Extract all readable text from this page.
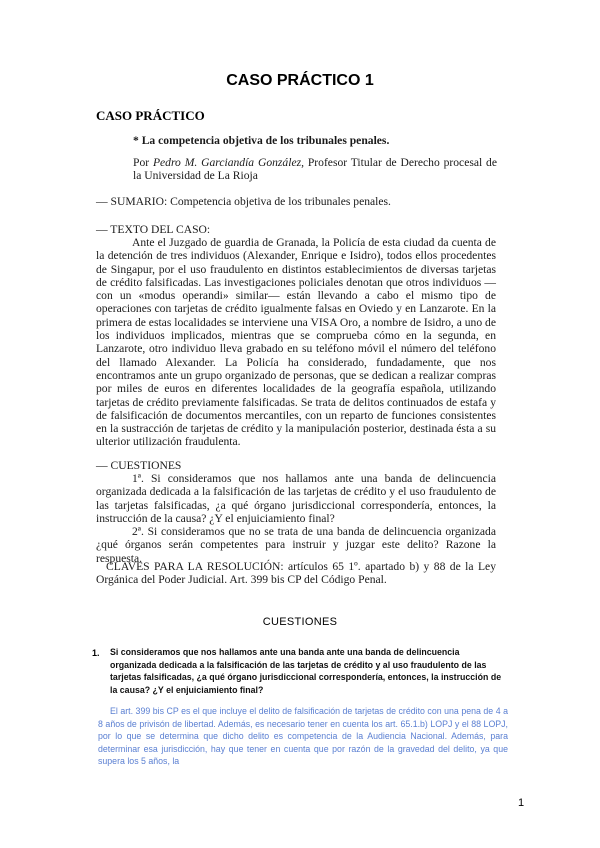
CASO PRÁCTICO 1
CASO PRÁCTICO
* La competencia objetiva de los tribunales penales.
Por Pedro M. Garciandía González, Profesor Titular de Derecho procesal de la Universidad de La Rioja
— SUMARIO: Competencia objetiva de los tribunales penales.
— TEXTO DEL CASO:

Ante el Juzgado de guardia de Granada, la Policía de esta ciudad da cuenta de la detención de tres individuos (Alexander, Enrique e Isidro), todos ellos procedentes de Singapur, por el uso fraudulento en distintos establecimientos de diversas tarjetas de crédito falsificadas. Las investigaciones policiales denotan que otros individuos —con un «modus operandi» similar— están llevando a cabo el mismo tipo de operaciones con tarjetas de crédito igualmente falsas en Oviedo y en Lanzarote. En la primera de estas localidades se interviene una VISA Oro, a nombre de Isidro, a uno de los individuos implicados, mientras que se comprueba cómo en la segunda, en Lanzarote, otro individuo lleva grabado en su teléfono móvil el número del teléfono del llamado Alexander. La Policía ha considerado, fundadamente, que nos encontramos ante un grupo organizado de personas, que se dedican a realizar compras por miles de euros en diferentes localidades de la geografía española, utilizando tarjetas de crédito previamente falsificadas. Se trata de delitos continuados de estafa y de falsificación de documentos mercantiles, con un reparto de funciones consistentes en la sustracción de tarjetas de crédito y la manipulación posterior, destinada ésta a su ulterior utilización fraudulenta.

— CUESTIONES

1ª. Si consideramos que nos hallamos ante una banda de delincuencia organizada dedicada a la falsificación de las tarjetas de crédito y el uso fraudulento de las tarjetas falsificadas, ¿a qué órgano jurisdiccional correspondería, entonces, la instrucción de la causa? ¿Y el enjuiciamiento final?

2ª. Si consideramos que no se trata de una banda de delincuencia organizada ¿qué órganos serán competentes para instruir y juzgar este delito? Razone la respuesta.

CLAVES PARA LA RESOLUCIÓN: artículos 65 1º. apartado b) y 88 de la Ley Orgánica del Poder Judicial. Art. 399 bis CP del Código Penal.
CUESTIONES
1. Si consideramos que nos hallamos ante una banda ante una banda de delincuencia organizada dedicada a la falsificación de las tarjetas de crédito y al uso fraudulento de las tarjetas falsificadas, ¿a qué órgano jurisdiccional correspondería, entonces, la instrucción de la causa? ¿Y el enjuiciamiento final?
El art. 399 bis CP es el que incluye el delito de falsificación de tarjetas de crédito con una pena de 4 a 8 años de privisón de libertad. Además, es necesario tener en cuenta los art. 65.1.b) LOPJ y el 88 LOPJ, por lo que se determina que dicho delito es competencia de la Audiencia Nacional. Además, para determinar esa jurisdicción, hay que tener en cuenta que por razón de la gravedad del delito, ya que supera los 5 años, la
1
